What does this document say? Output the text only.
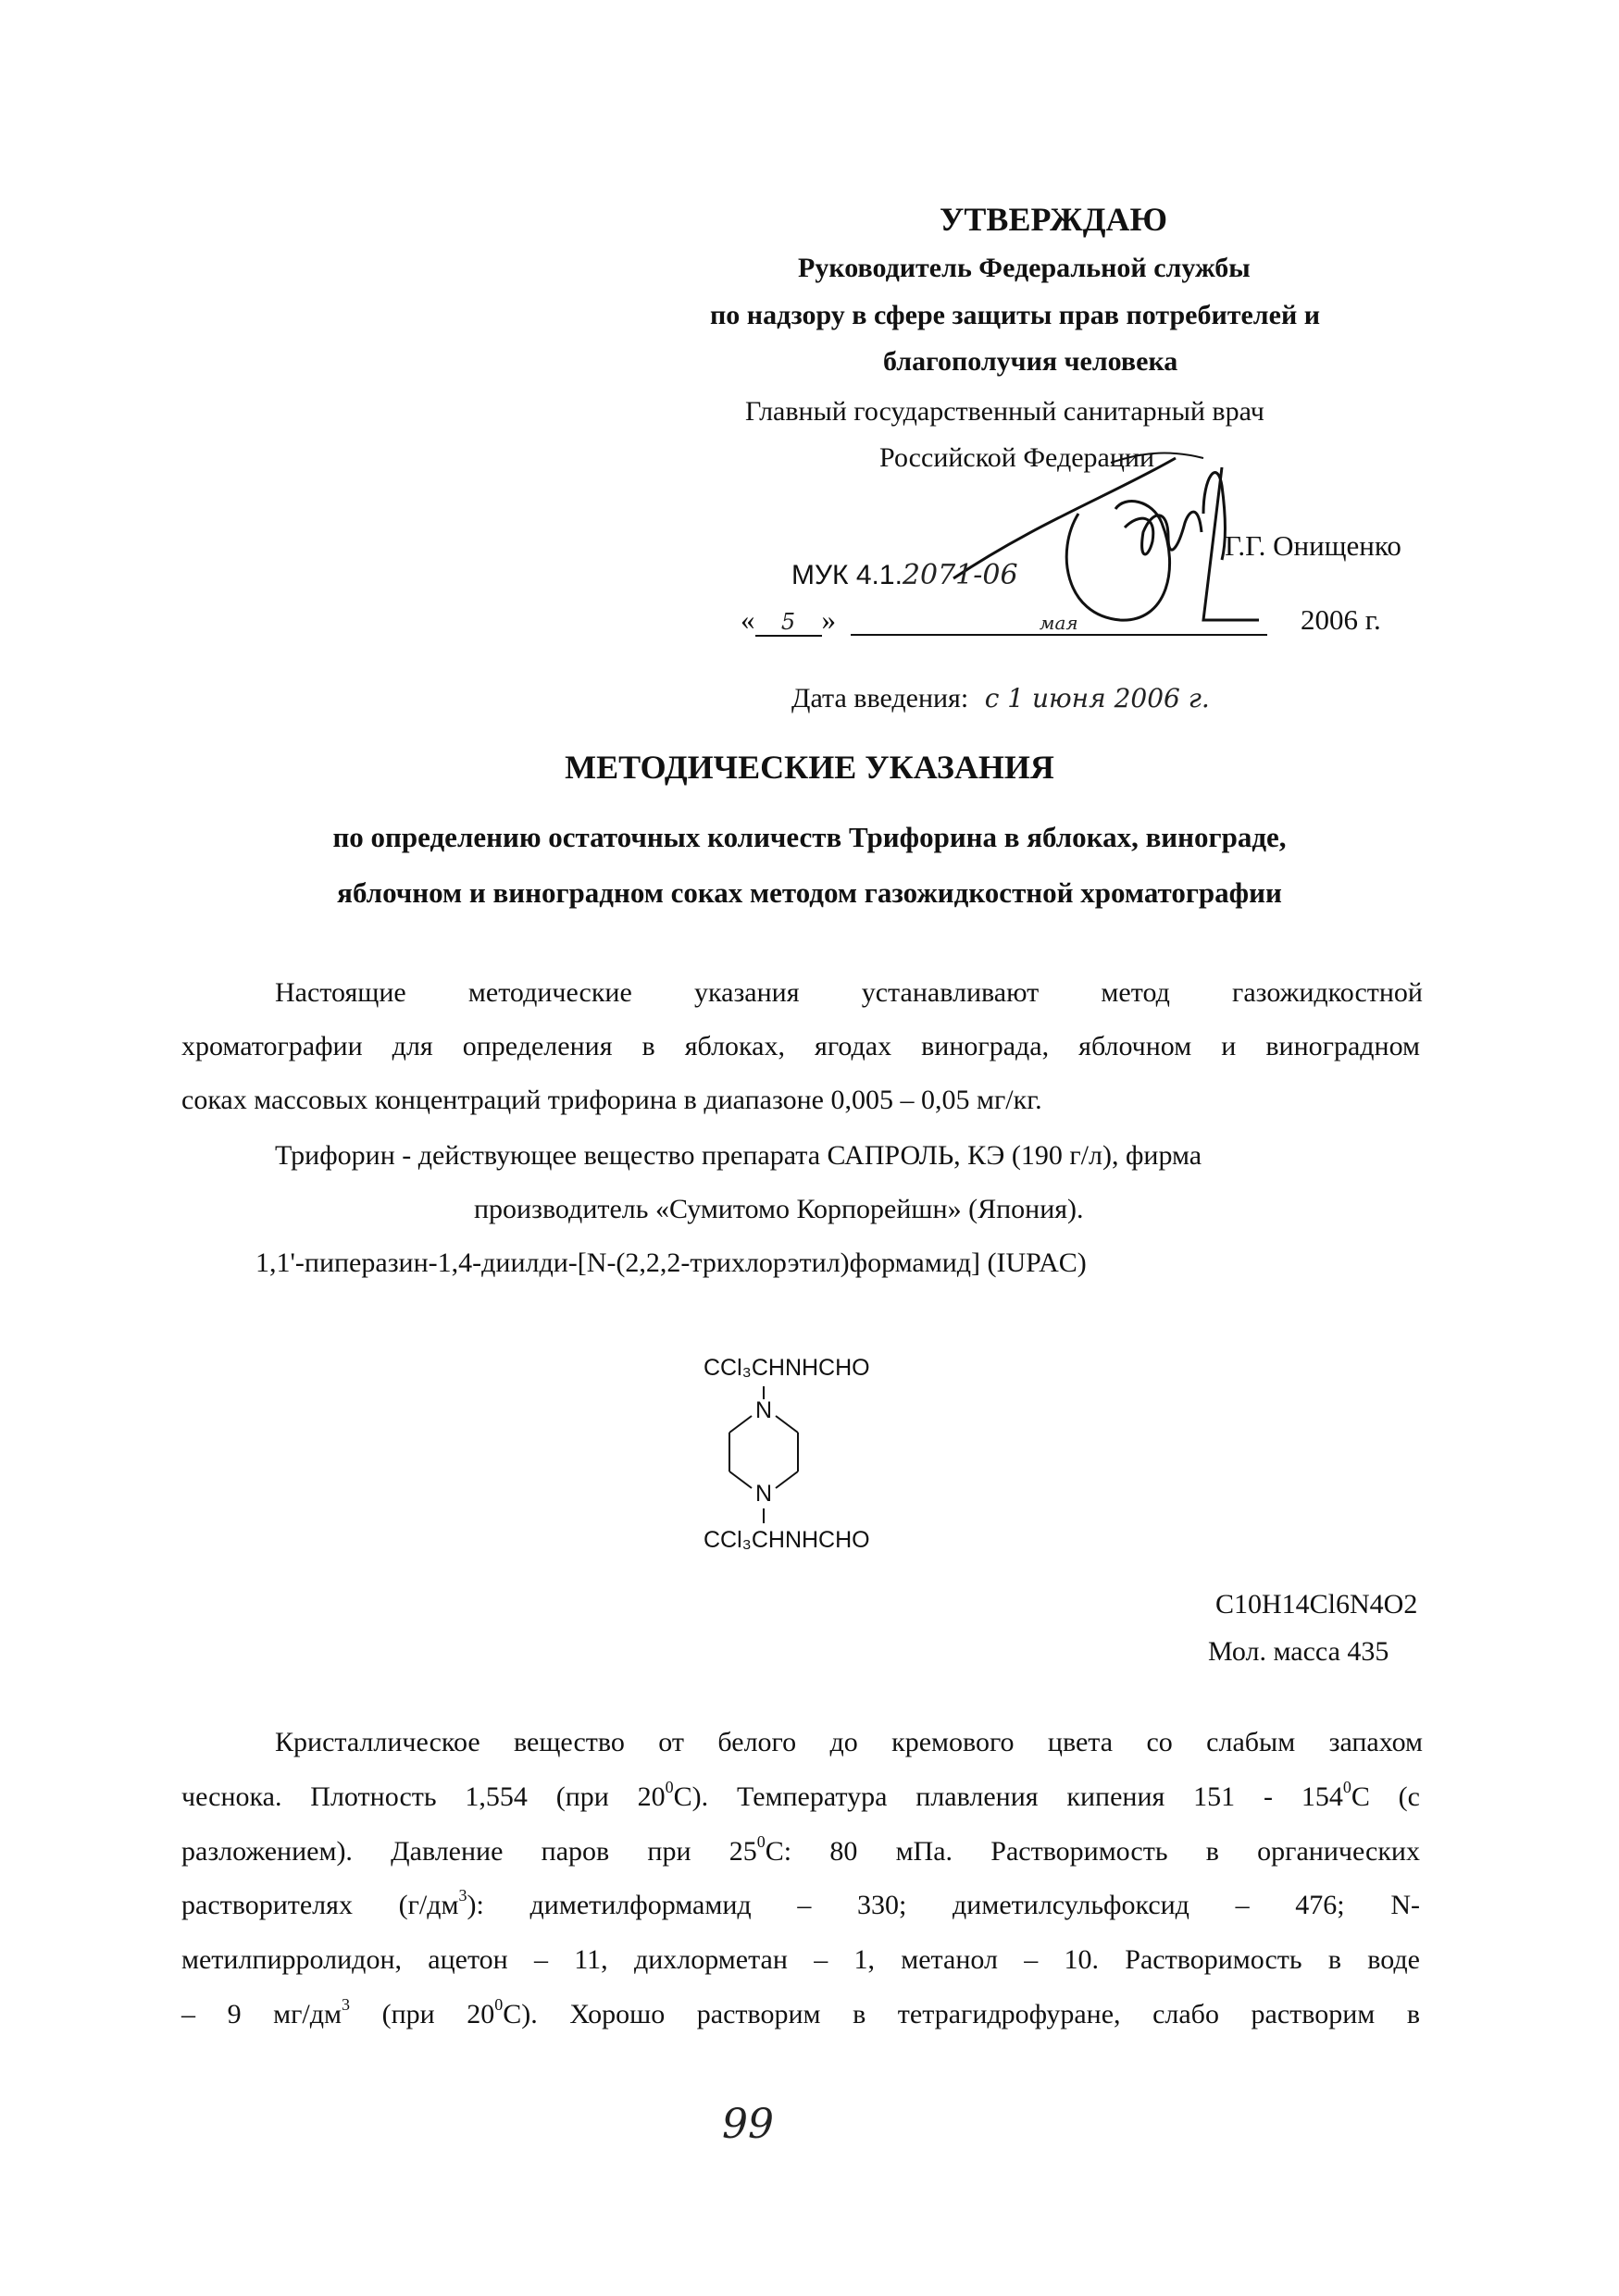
УТВЕРЖДАЮ
Руководитель Федеральной службы
по надзору в сфере защиты прав потребителей и
благополучия человека
Главный государственный санитарный врач
Российской Федерации
Г.Г. Онищенко
МУК 4.1.2071-06
« 5 »	мая	2006 г.
Дата введения: с 1 июня 2006 г.
МЕТОДИЧЕСКИЕ УКАЗАНИЯ
по определению остаточных количеств Трифорина в яблоках, винограде,
яблочном и виноградном соках методом газожидкостной хроматографии
Настоящие методические указания устанавливают метод газожидкостной
хроматографии для определения в яблоках, ягодах винограда, яблочном и виноградном
соках массовых концентраций трифорина в диапазоне 0,005 – 0,05 мг/кг.
Трифорин - действующее вещество препарата САПРОЛЬ, КЭ (190 г/л), фирма
производитель «Сумитомо Корпорейшн» (Япония).
1,1'-пиперазин-1,4-диилди-[N-(2,2,2-трихлорэтил)формамид] (IUPAC)
CCl₃CHNHCHO
N
N
CCl₃CHNHCHO
C10H14Cl6N4O2
Мол. масса 435
Кристаллическое вещество от белого до кремового цвета со слабым запахом
чеснока. Плотность 1,554 (при $20^0С$). Температура плавления кипения $151 - 154^0С$ (с
разложением). Давление паров при $25^0С$: 80 мПа. Растворимость в органических
растворителях $(г/дм^3)$: диметилформамид – 330; диметилсульфоксид – 476; N-
метилпирролидон, ацетон – 11, дихлорметан – 1, метанол – 10. Растворимость в воде
– 9 $мг/дм^3$ (при $20^0С$). Хорошо растворим в тетрагидрофуране, слабо растворим в
99
